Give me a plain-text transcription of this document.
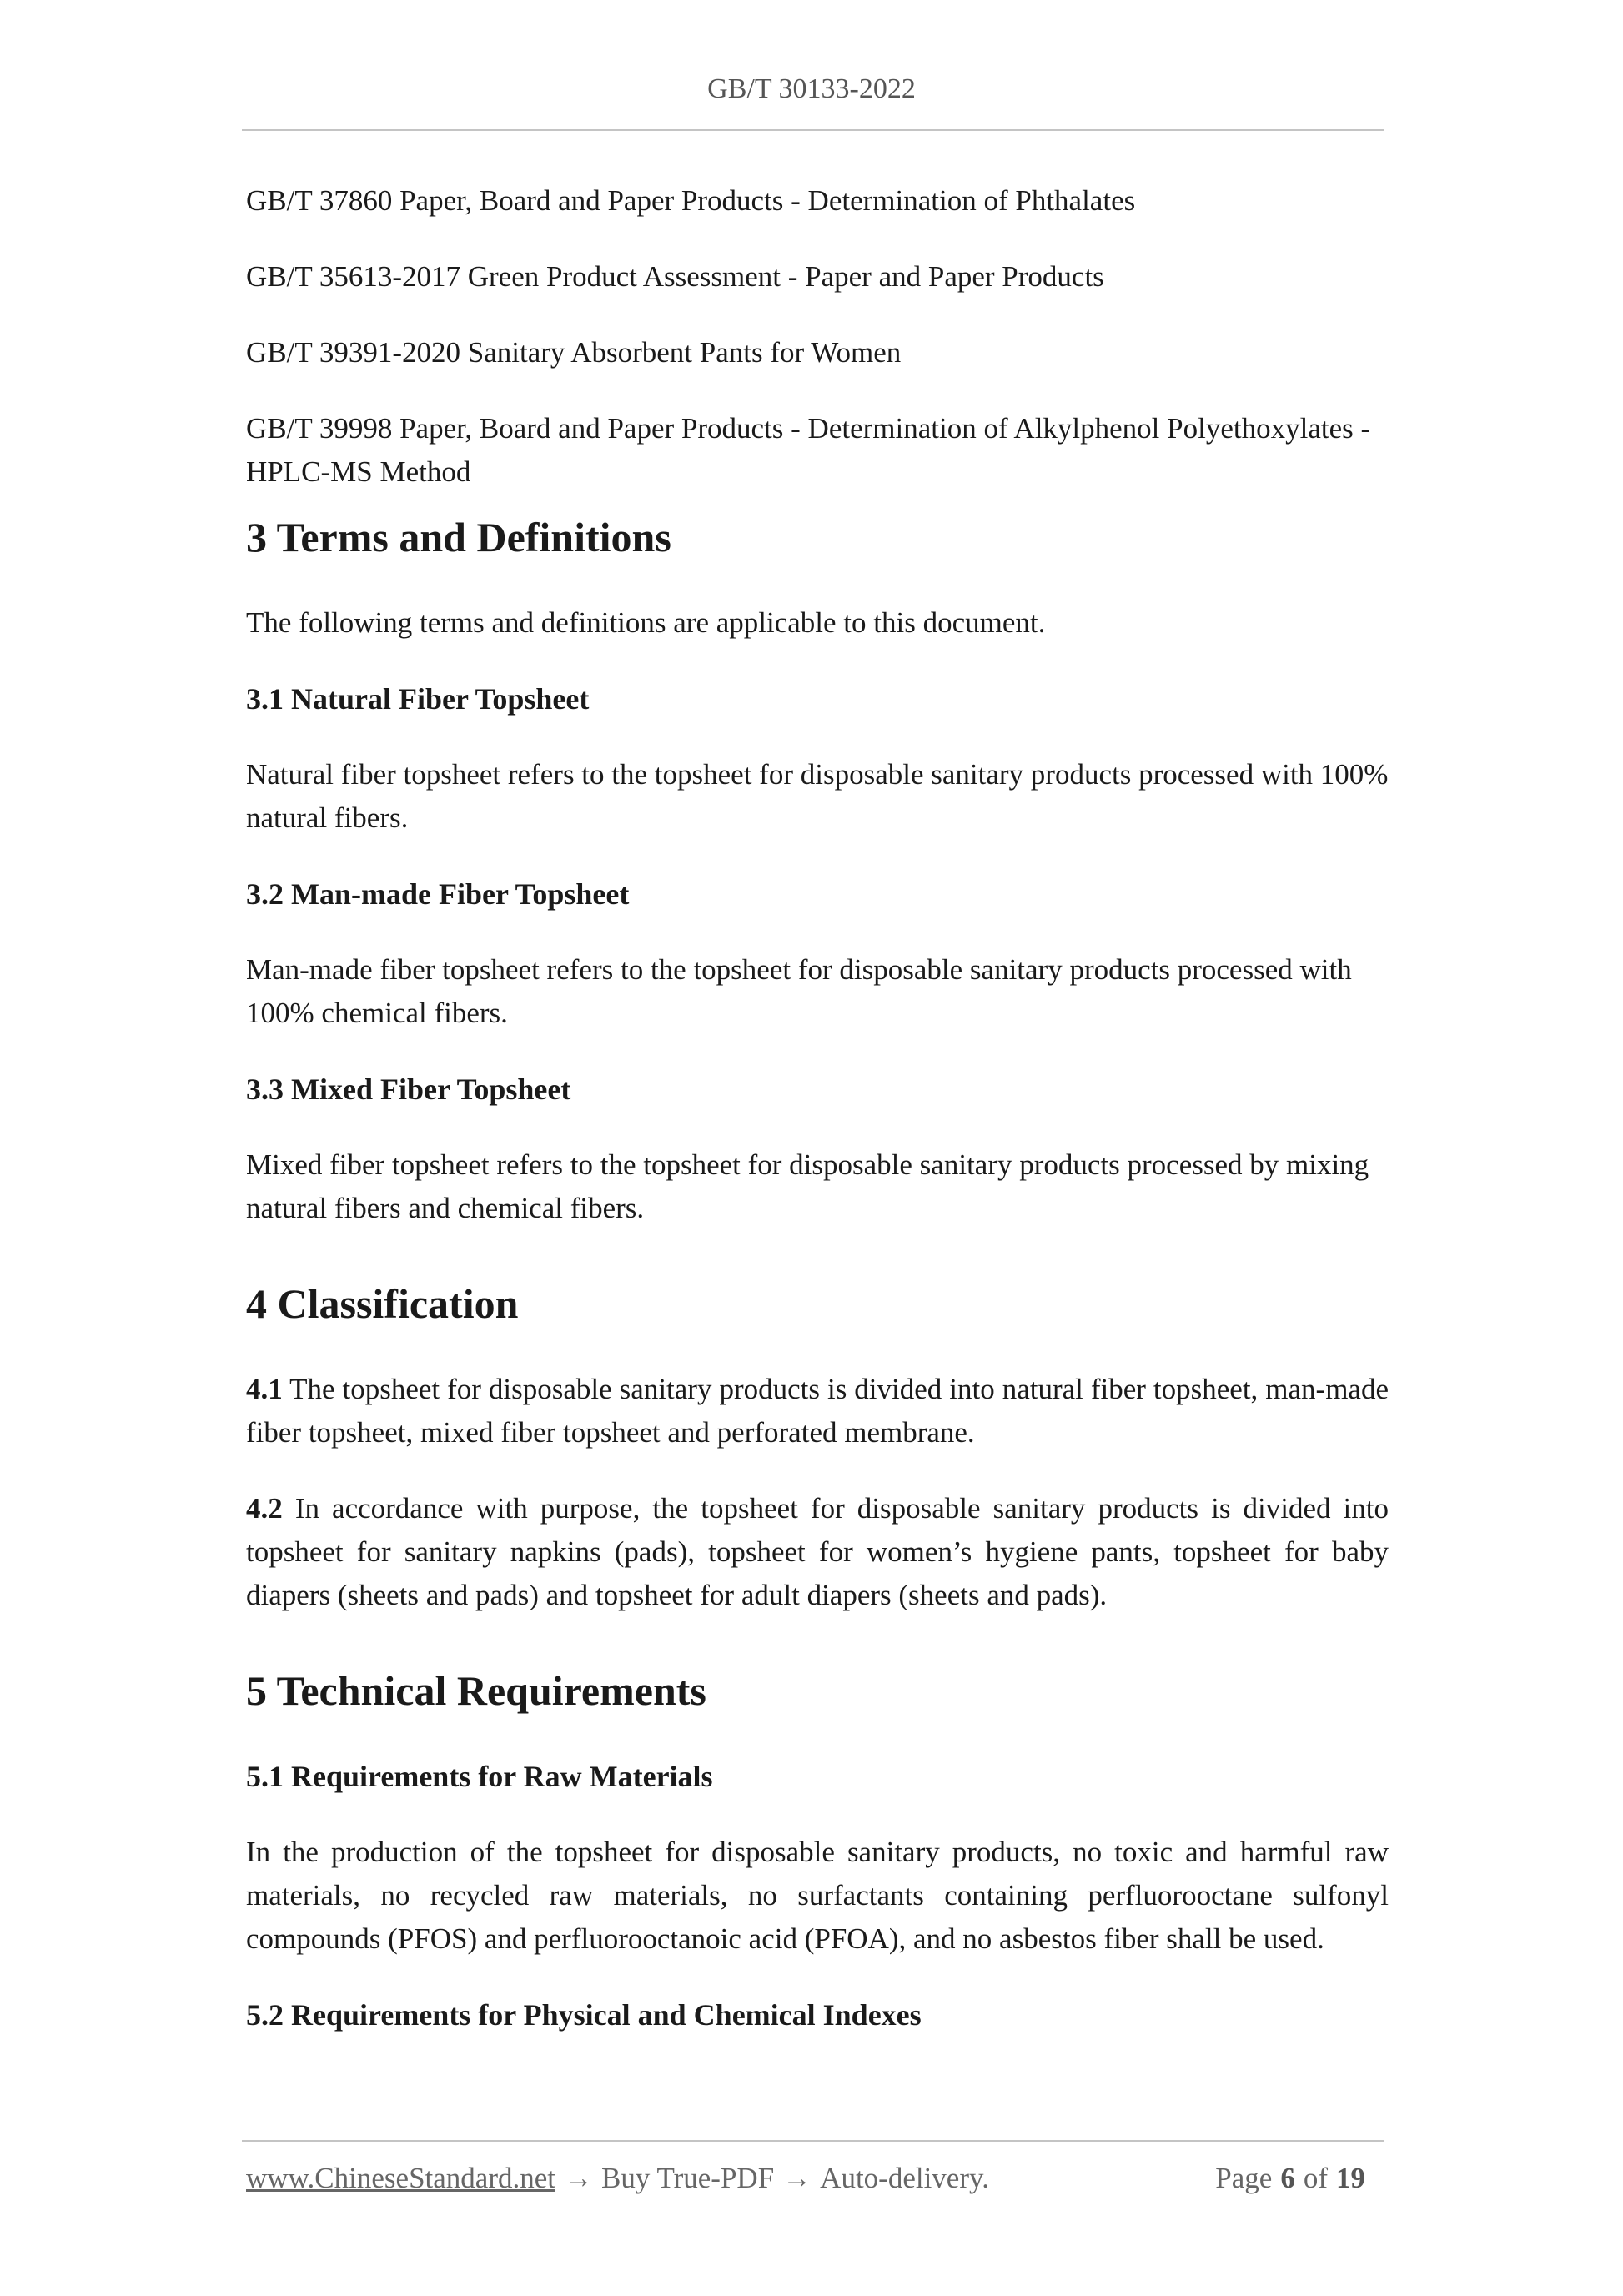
GB/T 30133-2022

GB/T 37860 Paper, Board and Paper Products - Determination of Phthalates

GB/T 35613-2017 Green Product Assessment - Paper and Paper Products

GB/T 39391-2020 Sanitary Absorbent Pants for Women

GB/T 39998 Paper, Board and Paper Products - Determination of Alkylphenol Polyethoxylates - HPLC-MS Method

3 Terms and Definitions

The following terms and definitions are applicable to this document.

3.1 Natural Fiber Topsheet

Natural fiber topsheet refers to the topsheet for disposable sanitary products processed with 100% natural fibers.

3.2 Man-made Fiber Topsheet

Man-made fiber topsheet refers to the topsheet for disposable sanitary products processed with 100% chemical fibers.

3.3 Mixed Fiber Topsheet

Mixed fiber topsheet refers to the topsheet for disposable sanitary products processed by mixing natural fibers and chemical fibers.

4 Classification

4.1 The topsheet for disposable sanitary products is divided into natural fiber topsheet, man-made fiber topsheet, mixed fiber topsheet and perforated membrane.

4.2 In accordance with purpose, the topsheet for disposable sanitary products is divided into topsheet for sanitary napkins (pads), topsheet for women’s hygiene pants, topsheet for baby diapers (sheets and pads) and topsheet for adult diapers (sheets and pads).

5 Technical Requirements
5.1 Requirements for Raw Materials

In the production of the topsheet for disposable sanitary products, no toxic and harmful raw materials, no recycled raw materials, no surfactants containing perfluorooctane sulfonyl compounds (PFOS) and perfluorooctanoic acid (PFOA), and no asbestos fiber shall be used.

5.2 Requirements for Physical and Chemical Indexes
www.ChineseStandard.net → Buy True-PDF → Auto-delivery.	Page 6 of 19
